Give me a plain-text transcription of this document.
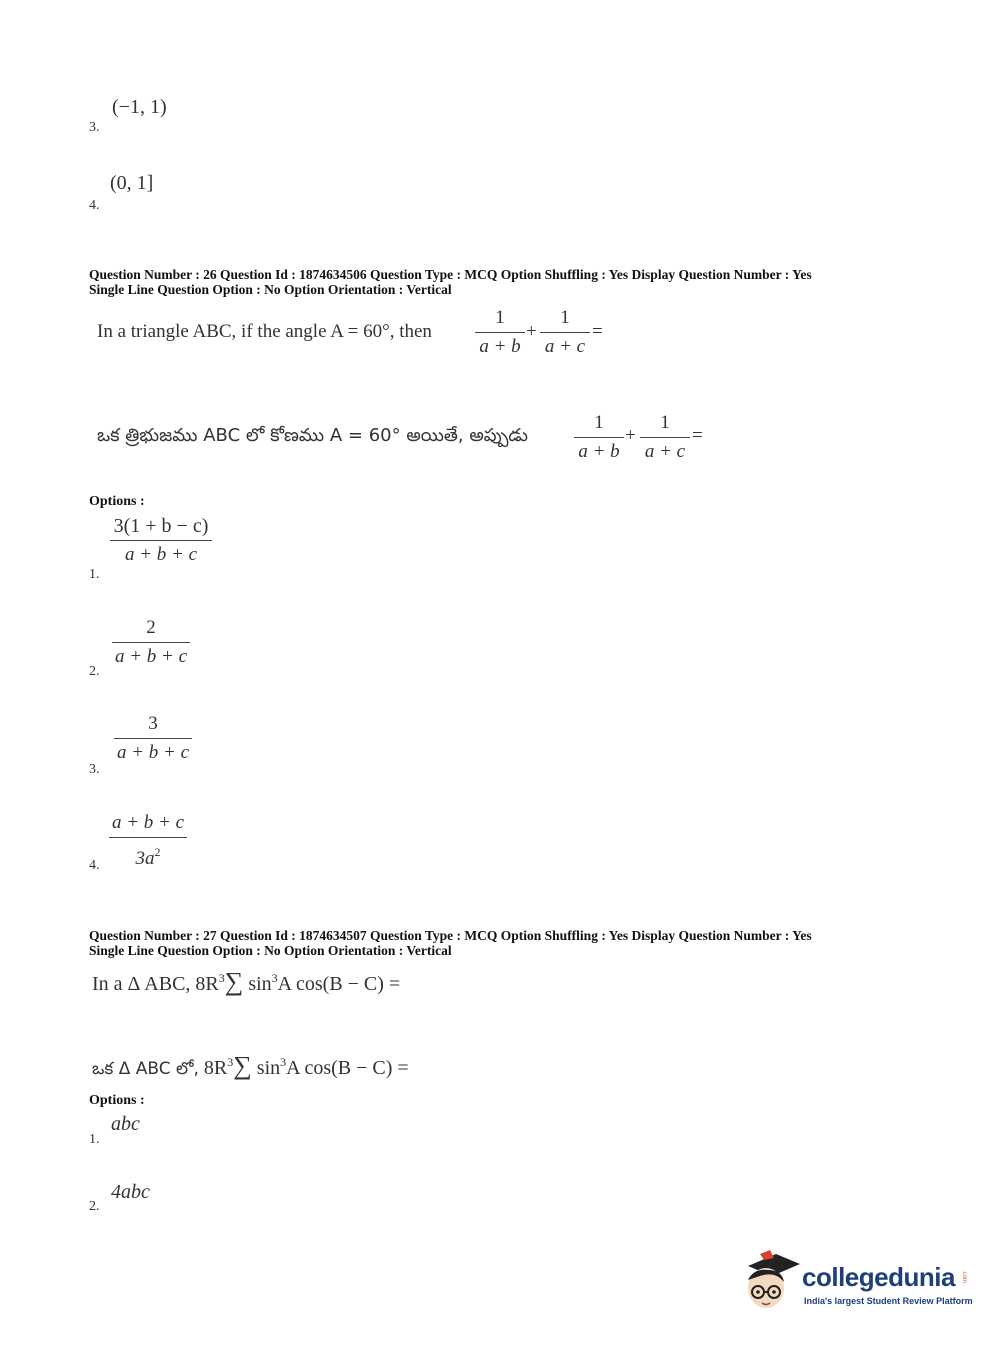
(−1, 1)
3.
(0, 1]
4.
Question Number : 26 Question Id : 1874634506 Question Type : MCQ Option Shuffling : Yes Display Question Number : Yes
Single Line Question Option : No Option Orientation : Vertical
In a triangle ABC, if the angle A = 60°, then
1
a + b
+
1
a + c
=
ఒక త్రిభుజము ABC లో కోణము A = 60° అయితే, అప్పుడు
1
a + b
+
1
a + c
=
Options :
3(1 + b − c)
a + b + c
1.
2
a + b + c
2.
3
a + b + c
3.
a + b + c
$3a^2$
4.
Question Number : 27 Question Id : 1874634507 Question Type : MCQ Option Shuffling : Yes Display Question Number : Yes
Single Line Question Option : No Option Orientation : Vertical
In a Δ ABC, $8R^3\sum$ $\sin^3A$ cos(B − C) =
ఒక Δ ABC లో, $8R^3\sum$ $\sin^3A$ cos(B − C) =
Options :
abc
1.
4abc
2.
collegedunia .com
India's largest Student Review Platform
